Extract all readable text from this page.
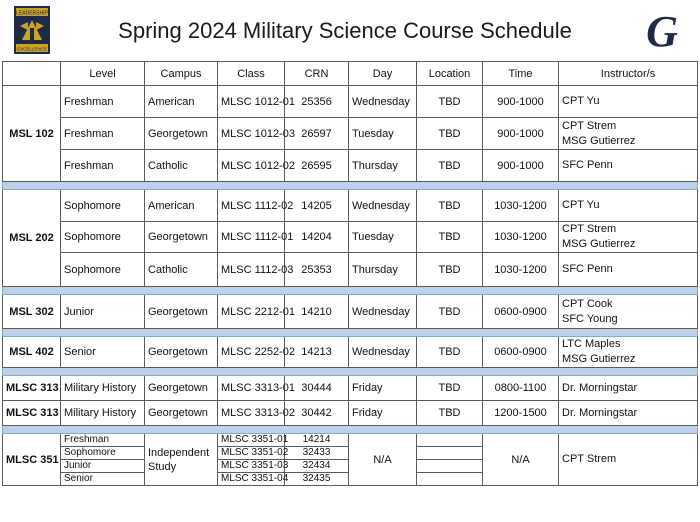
LEADERSHIP
EXCELLENCE
Spring 2024 Military Science Course Schedule	G
	Level	Campus	Class	CRN	Day	Location	Time	Instructor/s
MSL 102	Freshman	American	MLSC 1012-01	25356	Wednesday	TBD	900-1000	CPT Yu

	Freshman	Georgetown	MLSC 1012-03	26597	Tuesday	TBD	900-1000	CPT Strem
MSG Gutierrez

	Freshman	Catholic	MLSC 1012-02	26595	Thursday	TBD	900-1000	SFC Penn

MSL 202	Sophomore	American	MLSC 1112-02	14205	Wednesday	TBD	1030-1200	CPT Yu

	Sophomore	Georgetown	MLSC 1112-01	14204	Tuesday	TBD	1030-1200	CPT Strem
MSG Gutierrez

	Sophomore	Catholic	MLSC 1112-03	25353	Thursday	TBD	1030-1200	SFC Penn

MSL 302	Junior	Georgetown	MLSC 2212-01	14210	Wednesday	TBD	0600-0900	CPT Cook
SFC Young

MSL 402	Senior	Georgetown	MLSC 2252-02	14213	Wednesday	TBD	0600-0900	LTC Maples
MSG Gutierrez

MLSC 313	Military History	Georgetown	MLSC 3313-01	30444	Friday	TBD	0800-1100	Dr. Morningstar

MLSC 313	Military History	Georgetown	MLSC 3313-02	30442	Friday	TBD	1200-1500	Dr. Morningstar

MLSC 351	Freshman	Independent Study	MLSC 3351-01	14214	N/A		N/A	CPT Strem

	Sophomore		MLSC 3351-02	32433				
	Junior		MLSC 3351-03	32434				
	Senior		MLSC 3351-04	32435				
